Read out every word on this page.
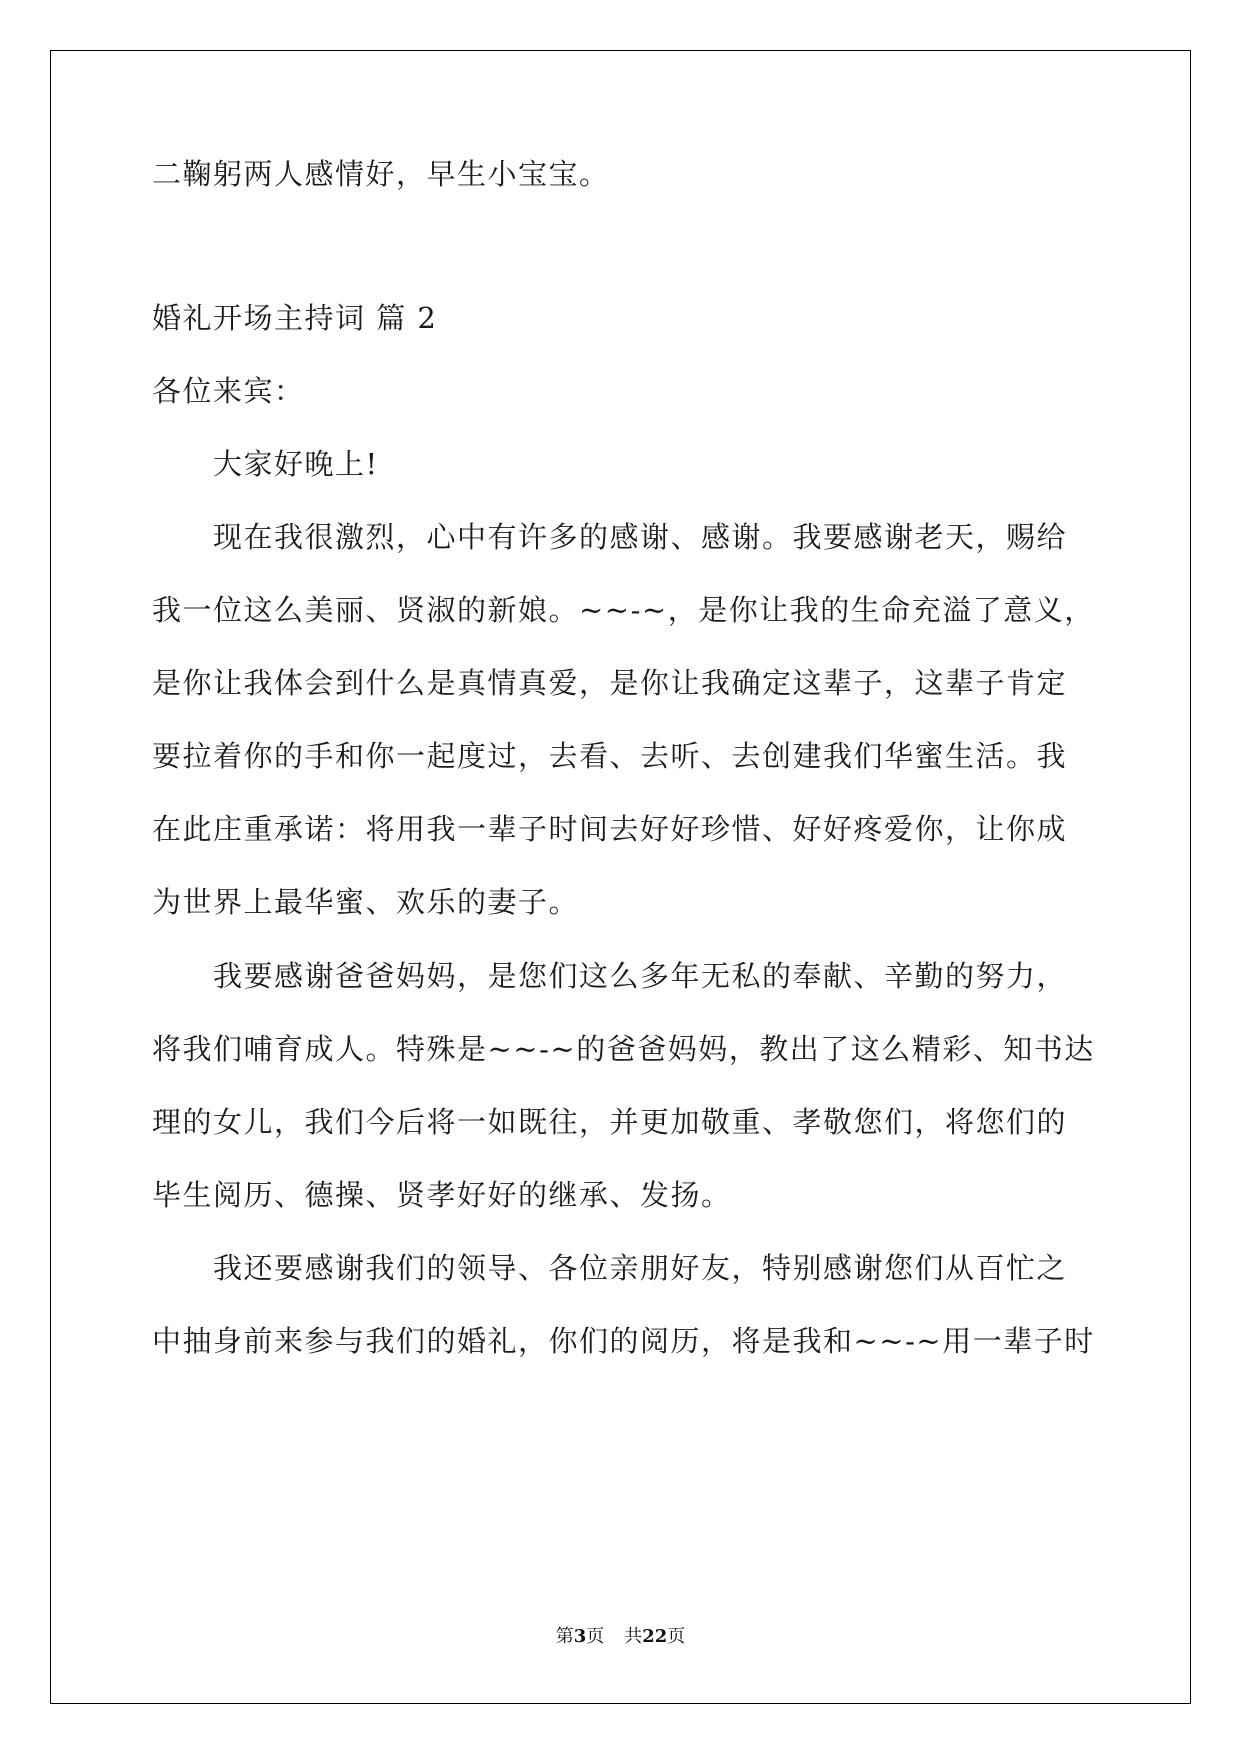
二鞠躬两人感情好，早生小宝宝。
婚礼开场主持词 篇 2
各位来宾：
大家好晚上!
现在我很激烈，心中有许多的感谢、感谢。我要感谢老天，赐给
我一位这么美丽、贤淑的新娘。~~-~，是你让我的生命充溢了意义，
是你让我体会到什么是真情真爱，是你让我确定这辈子，这辈子肯定
要拉着你的手和你一起度过，去看、去听、去创建我们华蜜生活。我
在此庄重承诺：将用我一辈子时间去好好珍惜、好好疼爱你，让你成
为世界上最华蜜、欢乐的妻子。
我要感谢爸爸妈妈，是您们这么多年无私的奉献、辛勤的努力，
将我们哺育成人。特殊是~~-~的爸爸妈妈，教出了这么精彩、知书达
理的女儿，我们今后将一如既往，并更加敬重、孝敬您们，将您们的
毕生阅历、德操、贤孝好好的继承、发扬。
我还要感谢我们的领导、各位亲朋好友，特别感谢您们从百忙之
中抽身前来参与我们的婚礼，你们的阅历，将是我和~~-~用一辈子时
第3页 共22页
